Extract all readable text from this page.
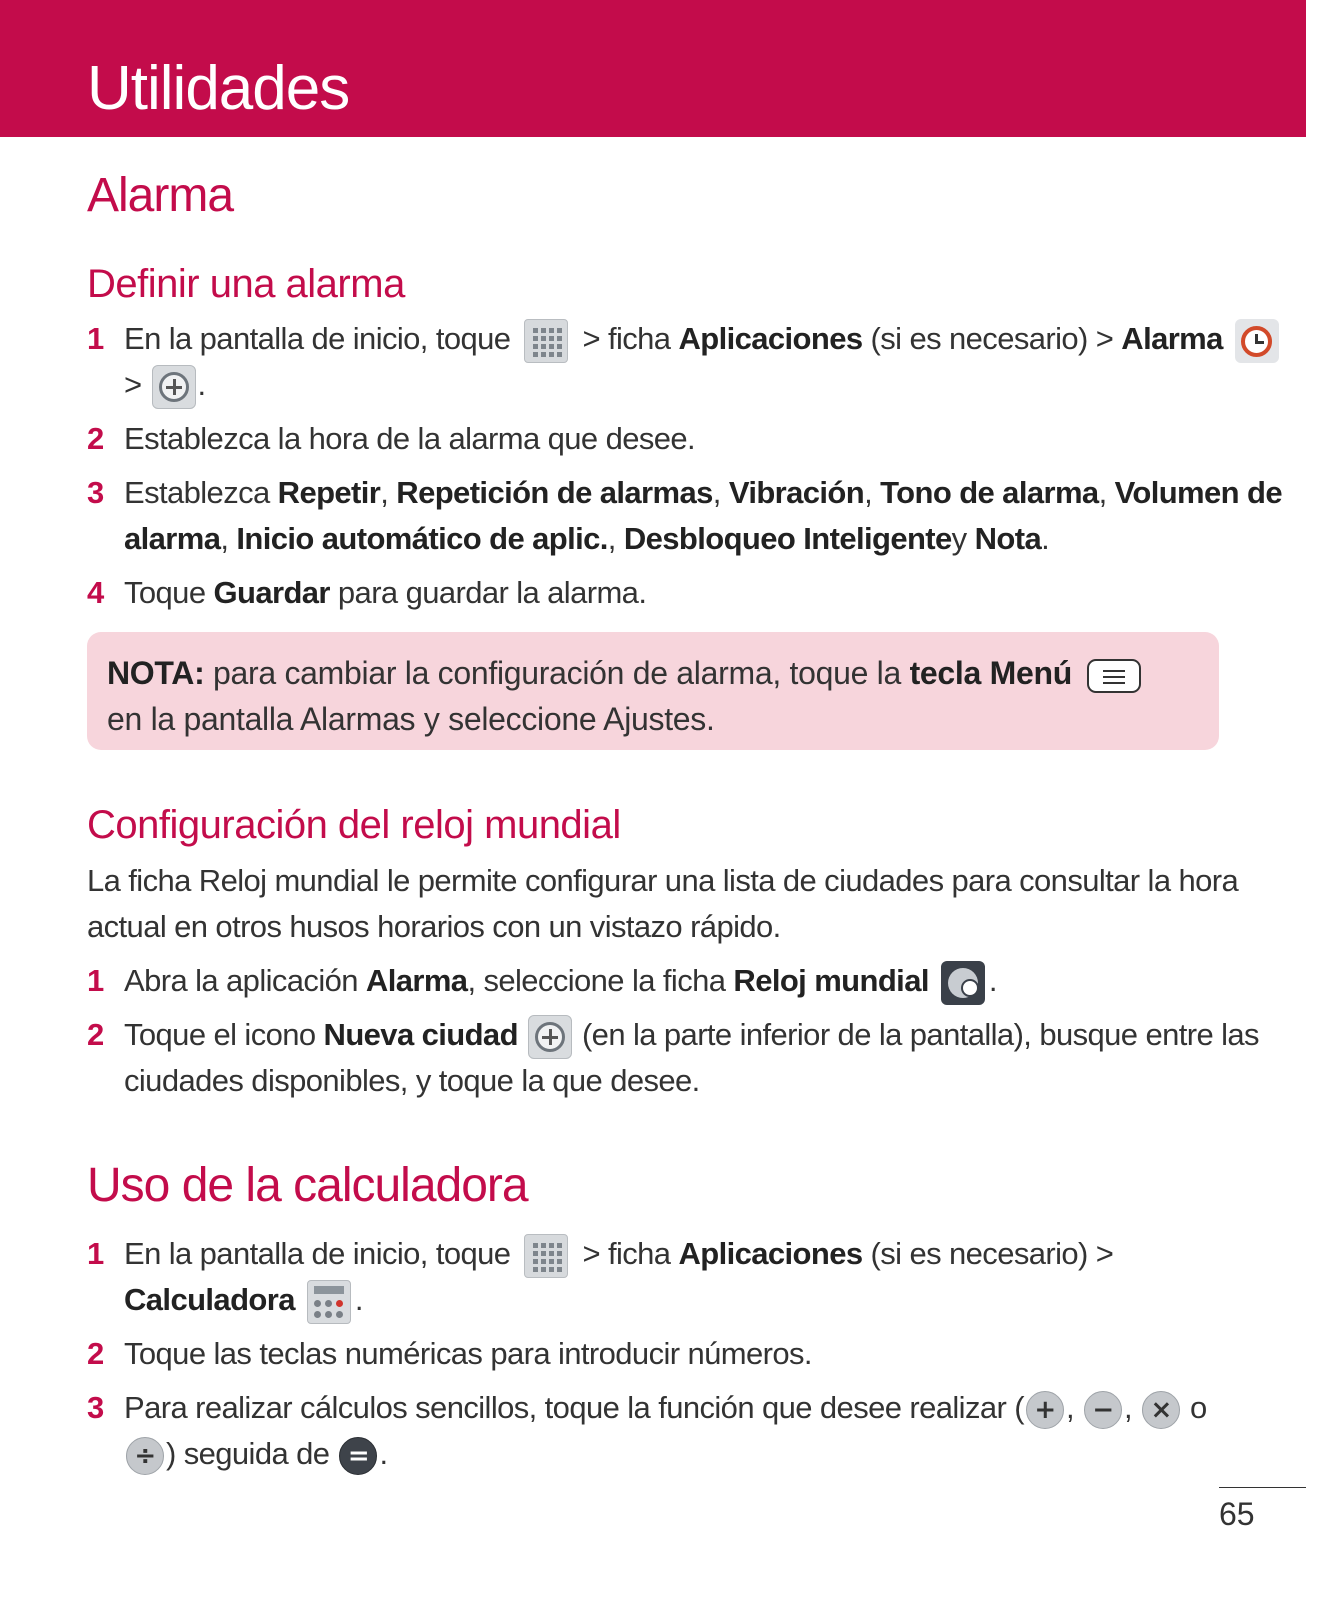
Utilidades
Alarma
Definir una alarma
1 En la pantalla de inicio, toque > ficha Aplicaciones (si es necesario) > Alarma
> .
2 Establezca la hora de la alarma que desee.
3 Establezca Repetir, Repetición de alarmas, Vibración, Tono de alarma, Volumen de
alarma, Inicio automático de aplic., Desbloqueo Inteligentey Nota.
4 Toque Guardar para guardar la alarma.
NOTA: para cambiar la configuración de alarma, toque la tecla Menú
en la pantalla Alarmas y seleccione Ajustes.
Configuración del reloj mundial
La ficha Reloj mundial le permite configurar una lista de ciudades para consultar la hora
actual en otros husos horarios con un vistazo rápido.
1 Abra la aplicación Alarma, seleccione la ficha Reloj mundial .
2 Toque el icono Nueva ciudad (en la parte inferior de la pantalla), busque entre las
ciudades disponibles, y toque la que desee.
Uso de la calculadora
1 En la pantalla de inicio, toque > ficha Aplicaciones (si es necesario) >
Calculadora .
2 Toque las teclas numéricas para introducir números.
3 Para realizar cálculos sencillos, toque la función que desee realizar ( + , − , × o
÷ ) seguida de = .
65
